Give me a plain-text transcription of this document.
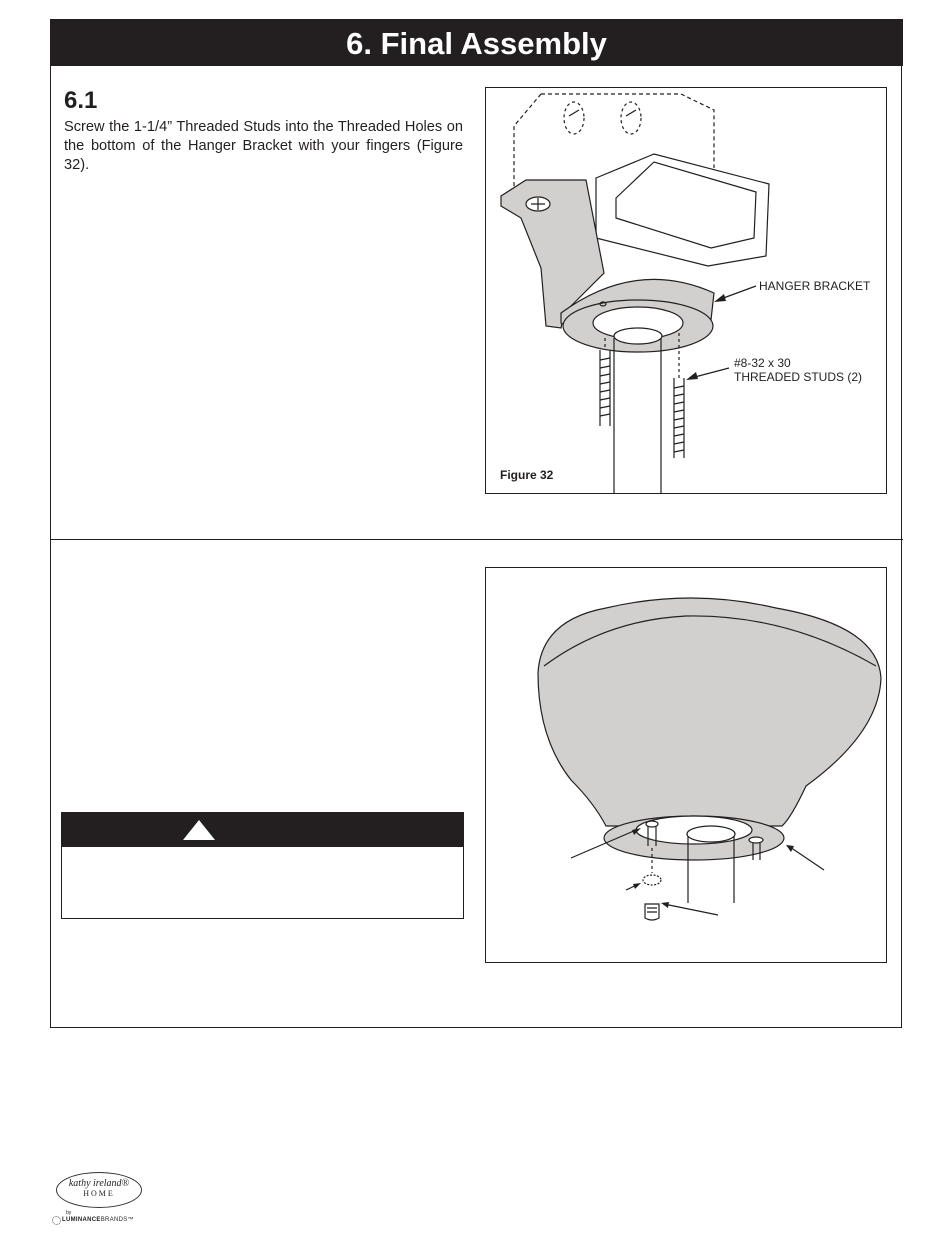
6. Final Assembly
6.1
Screw the 1-1/4” Threaded Studs into the Threaded Holes on the bottom of the Hanger Bracket with your fingers (Figure 32).
HANGER BRACKET
#8-32 x 30
THREADED STUDS (2)
Figure 32
kathy ireland®
HOME
by
LUMINANCEBRANDS™
